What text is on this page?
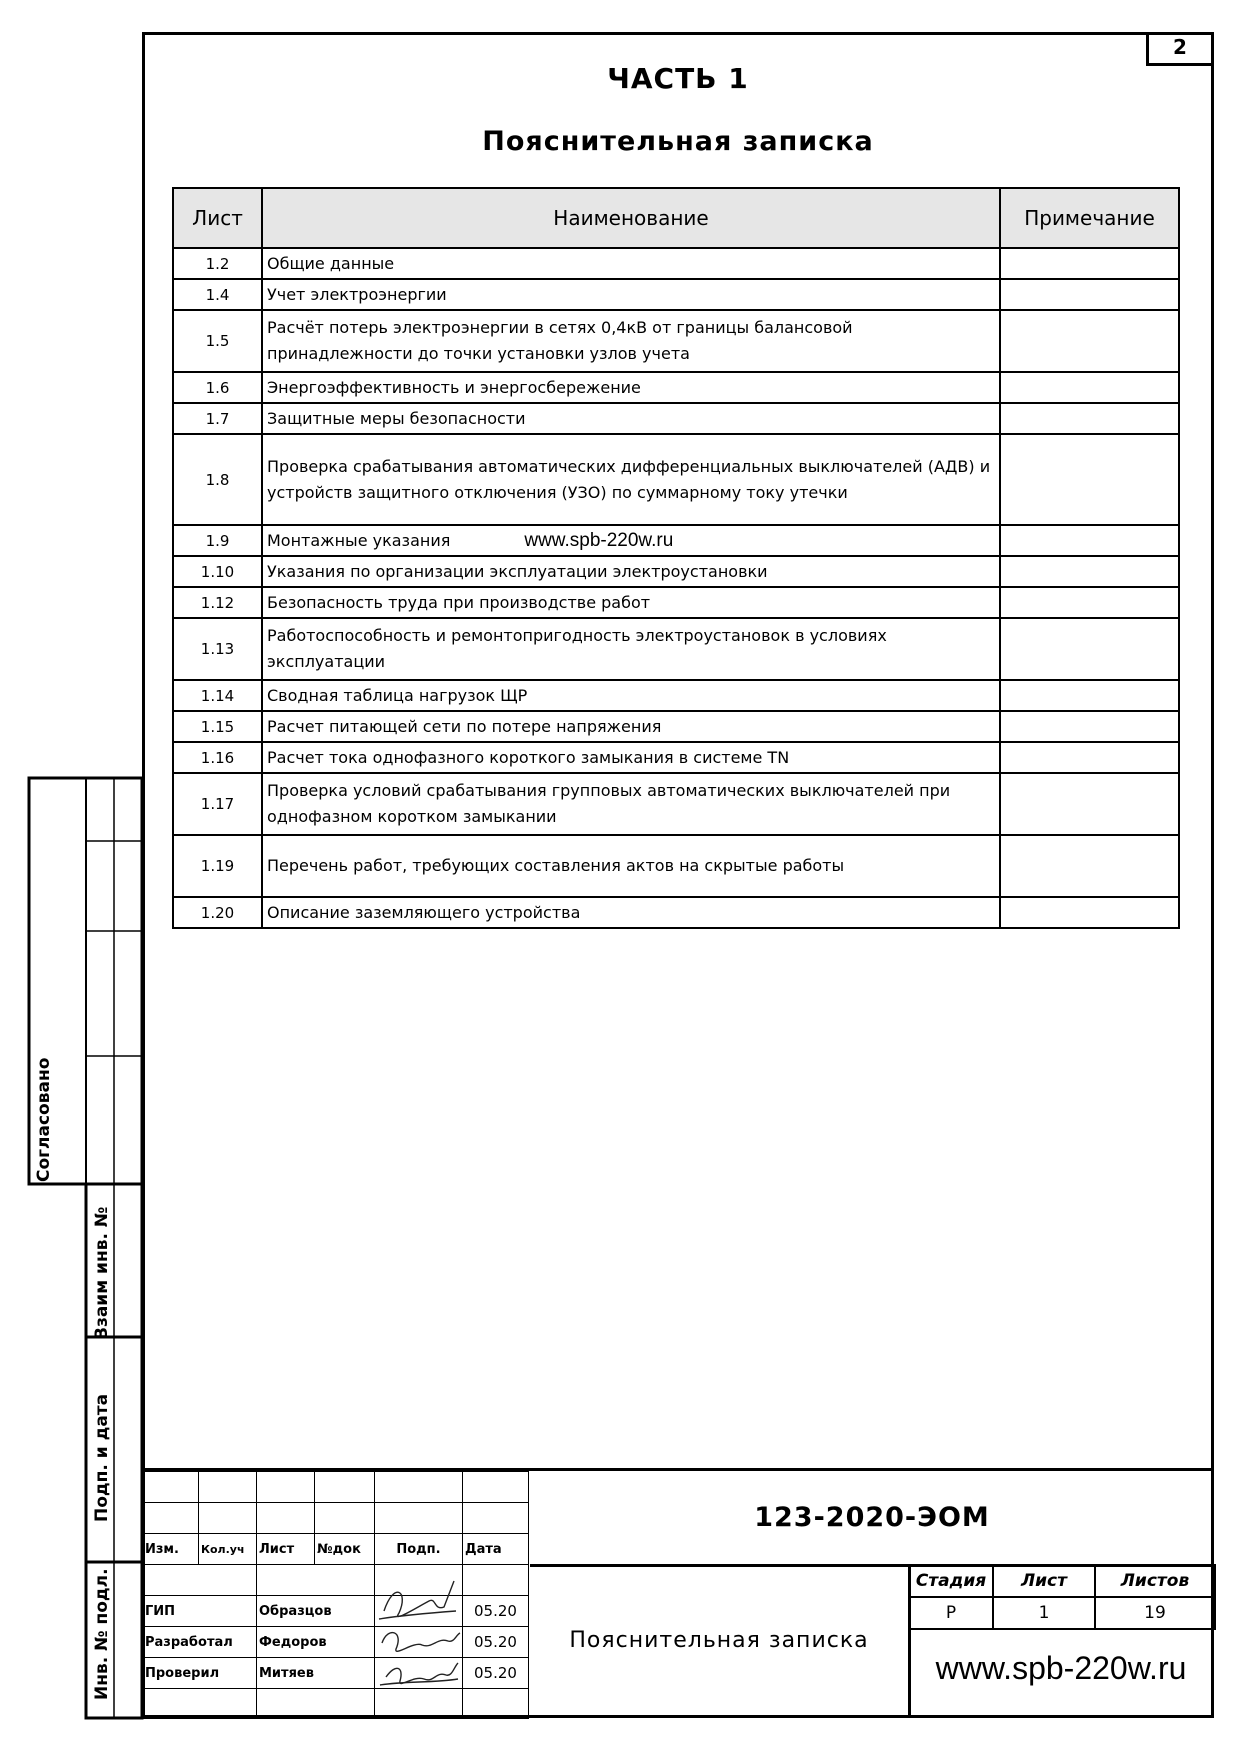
2
ЧАСТЬ 1
Пояснительная записка
Лист	Наименование	Примечание
1.2	Общие данные	
1.4	Учет электроэнергии	
1.5	Расчёт потерь электроэнергии в сетях 0,4кВ от границы балансовой принадлежности до точки установки узлов учета	
1.6	Энергоэффективность и энергосбережение	
1.7	Защитные меры безопасности	
1.8	Проверка срабатывания автоматических дифференциальных выключателей (АДВ) и устройств защитного отключения (УЗО) по суммарному току утечки	
1.9	Монтажные указания www.spb-220w.ru	
1.10	Указания по организации эксплуатации электроустановки	
1.12	Безопасность труда при производстве работ	
1.13	Работоспособность и ремонтопригодность электроустановок в условиях эксплуатации	
1.14	Сводная таблица нагрузок ЩР	
1.15	Расчет питающей сети по потере напряжения	
1.16	Расчет тока однофазного короткого замыкания в системе TN	
1.17	Проверка условий срабатывания групповых автоматических выключателей при однофазном коротком замыкании	
1.19	Перечень работ, требующих составления актов на скрытые работы	
1.20	Описание заземляющего устройства	
Согласовано
Взаим инв. №
Подп. и дата
Инв. № подл.

Изм.	Кол.уч	Лист	№док	Подп.	Дата

ГИП		Образцов			05.20
Разработал		Федоров			05.20
Проверил		Митяев			05.20

123-2020-ЭОМ
Пояснительная записка
Стадия	Лист	Листов
Р	1	19
www.spb-220w.ru
